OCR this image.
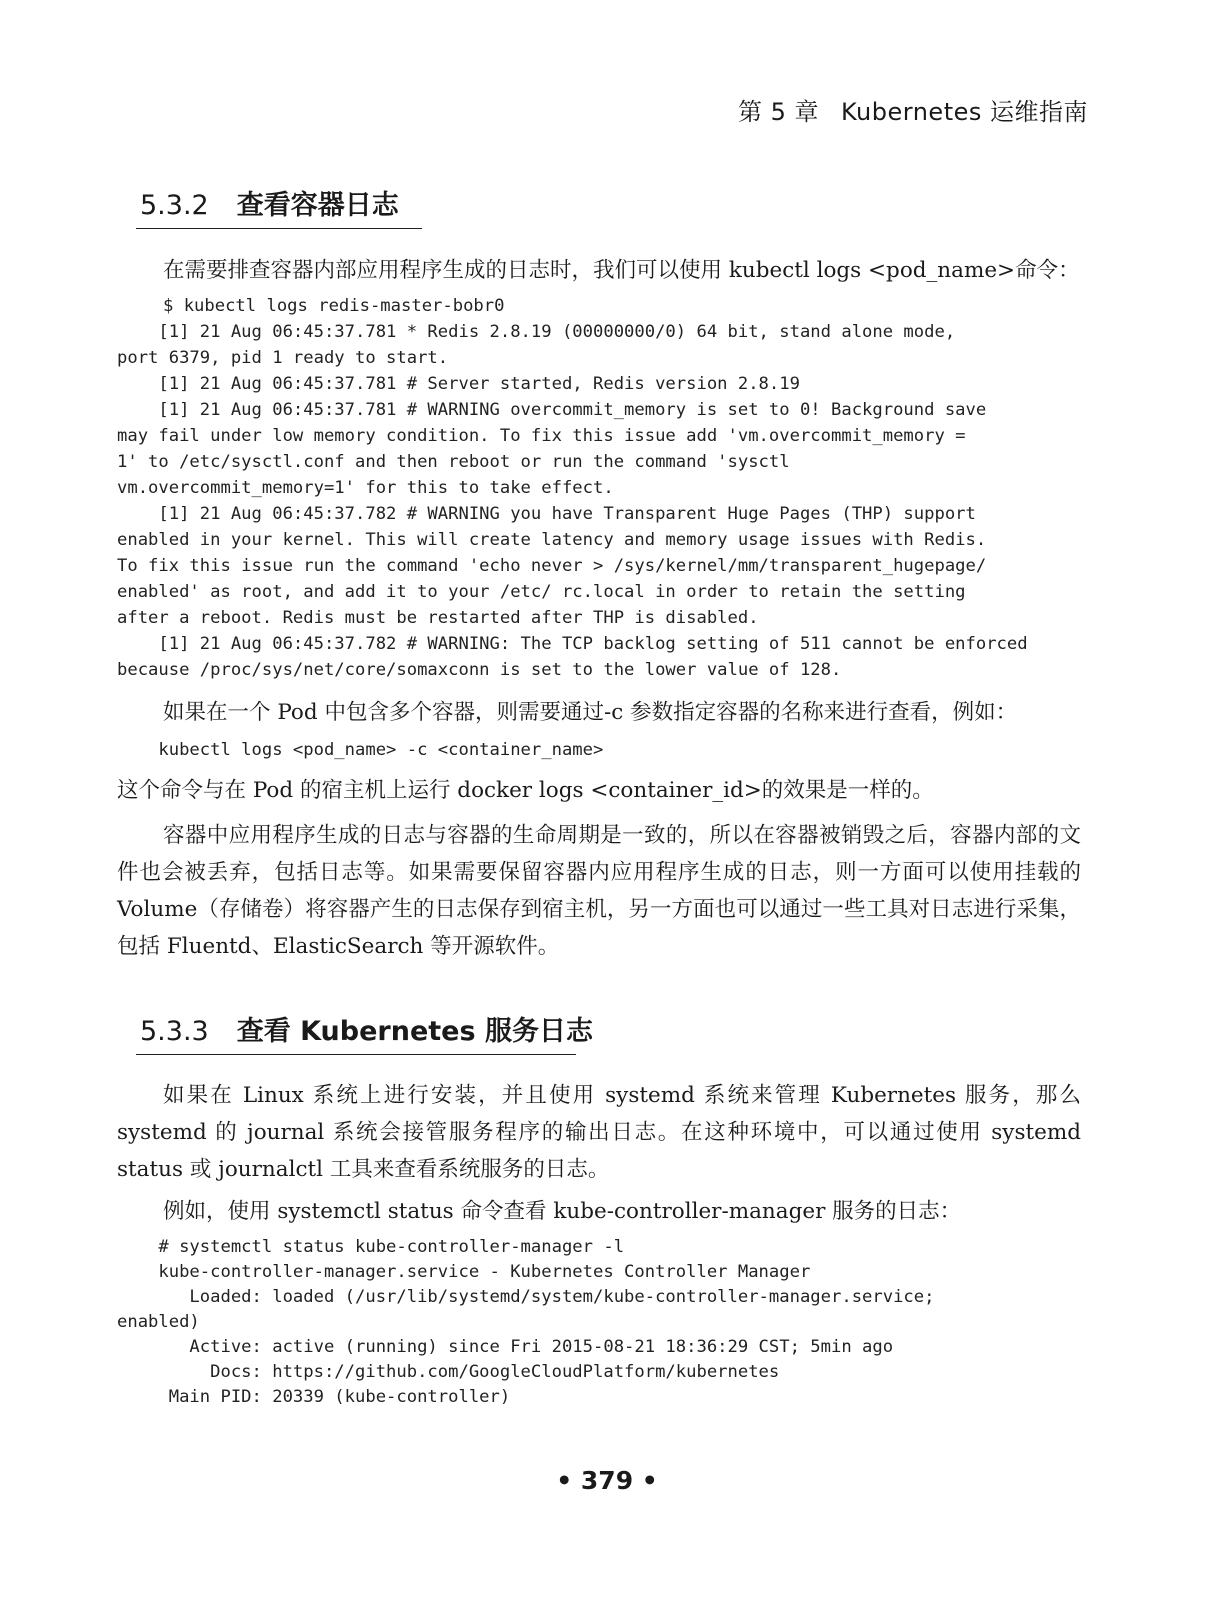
第 5 章 Kubernetes 运维指南
5.3.2 查看容器日志

在需要排查容器内部应用程序生成的日志时，我们可以使用 kubectl logs <pod_name>命令：

$ kubectl logs redis-master-bobr0
[1] 21 Aug 06:45:37.781 * Redis 2.8.19 (00000000/0) 64 bit, stand alone mode,
port 6379, pid 1 ready to start.
[1] 21 Aug 06:45:37.781 # Server started, Redis version 2.8.19
[1] 21 Aug 06:45:37.781 # WARNING overcommit_memory is set to 0! Background save
may fail under low memory condition. To fix this issue add 'vm.overcommit_memory =
1' to /etc/sysctl.conf and then reboot or run the command 'sysctl
vm.overcommit_memory=1' for this to take effect.
[1] 21 Aug 06:45:37.782 # WARNING you have Transparent Huge Pages (THP) support
enabled in your kernel. This will create latency and memory usage issues with Redis.
To fix this issue run the command 'echo never > /sys/kernel/mm/transparent_hugepage/
enabled' as root, and add it to your /etc/ rc.local in order to retain the setting
after a reboot. Redis must be restarted after THP is disabled.
[1] 21 Aug 06:45:37.782 # WARNING: The TCP backlog setting of 511 cannot be enforced
because /proc/sys/net/core/somaxconn is set to the lower value of 128.

如果在一个 Pod 中包含多个容器，则需要通过-c 参数指定容器的名称来进行查看，例如：

kubectl logs <pod_name> -c <container_name>

这个命令与在 Pod 的宿主机上运行 docker logs <container_id>的效果是一样的。

容器中应用程序生成的日志与容器的生命周期是一致的，所以在容器被销毁之后，容器内部的文件也会被丢弃，包括日志等。如果需要保留容器内应用程序生成的日志，则一方面可以使用挂载的 Volume（存储卷）将容器产生的日志保存到宿主机，另一方面也可以通过一些工具对日志进行采集，包括 Fluentd、ElasticSearch 等开源软件。

5.3.3 查看 Kubernetes 服务日志

如果在 Linux 系统上进行安装，并且使用 systemd 系统来管理 Kubernetes 服务，那么 systemd 的 journal 系统会接管服务程序的输出日志。在这种环境中，可以通过使用 systemd status 或 journalctl 工具来查看系统服务的日志。

例如，使用 systemctl status 命令查看 kube-controller-manager 服务的日志：

# systemctl status kube-controller-manager -l
kube-controller-manager.service - Kubernetes Controller Manager
Loaded: loaded (/usr/lib/systemd/system/kube-controller-manager.service;
enabled)
Active: active (running) since Fri 2015-08-21 18:36:29 CST; 5min ago
Docs: https://github.com/GoogleCloudPlatform/kubernetes
Main PID: 20339 (kube-controller)
• 379 •
